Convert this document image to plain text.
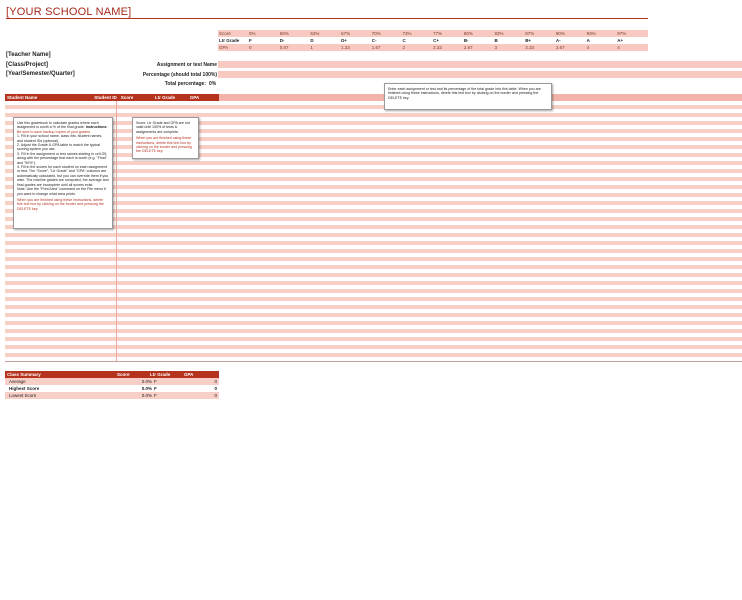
[YOUR SCHOOL NAME]
Score	0%	60%	63%	67%	70%	73%	77%	80%	83%	87%	90%	93%	97%
Ltr Grade	F	D-	D	D+	C-	C	C+	B-	B	B+	A-	A	A+
GPA	0	0.67	1	1.33	1.67	2	2.33	2.67	3	3.33	3.67	4	4
[Teacher Name]
[Class/Project]
[Year/Semester/Quarter]
Assignment or test Name
Percentage (should total 100%)
Total percentage: 0%
Student Name	Student ID Score	Ltr Grade	GPA
Use this gradebook to calculate grades where each assignment is worth a % of the final grade. Instructions: Be sure to save backup copies of your grades.
1. Fill in your school name, class info, student names, and student IDs (optional).
2. Adjust the Grade & GPA table to match the typical scoring system you use.
3. Fill in the assignment or test names starting in cell G5, along with the percentage that each is worth (e.g. "Final" and "50%").
4. Fill in the scores for each student on each assignment or test. The "Score", "Ltr Grade" and "GPA" columns are automatically calculated, but you can override them if you wish. The row/line grades are computed, the average and final grades are incomplete until all scores exist.
Note: Use the "Print Area" command on the File menu if you want to change what area prints.
When you are finished using these instructions, delete this text box by clicking on the border and pressing the DELETE key.
Score, Ltr Grade and GPA are not valid until 100% of tests & assignments are complete.
When you are finished using these instructions, delete this text box by clicking on the border and pressing the DELETE key.
Enter each assignment or test and its percentage of the total grade into this table. When you are finished using these instructions, delete this text box by clicking on the border and pressing the DELETE key.
Class Summary	Score	Ltr Grade	GPA
Average	0.0% F	0
Highest Score	0.0% F	0
Lowest Score	0.0% F	0
